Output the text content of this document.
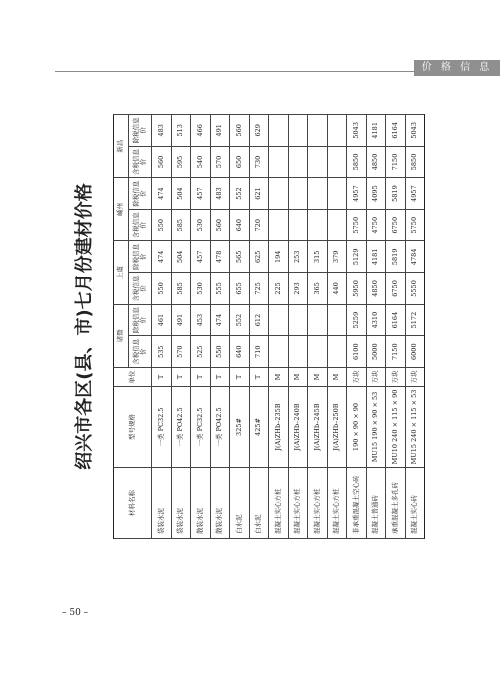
价 格 信 息
– 50 –
绍兴市各区(县、市)七月份建材价格
材料名称	型号规格	单位	诸暨		上虞		嵊州		新昌	
			含税信息价	除税信息价	含税信息价	除税信息价	含税信息价	除税信息价	含税信息价	除税信息价
袋装水泥	一类 PC32.5	T	535	461	550	474	550	474	560	483
袋装水泥	一类 PO42.5	T	570	491	585	504	585	504	595	513
散装水泥	一类 PC32.5	T	525	453	530	457	530	457	540	466
散装水泥	一类 PO42.5	T	550	474	555	478	560	483	570	491
白水泥	325#	T	640	552	655	565	640	552	650	560
白水泥	425#	T	710	612	725	625	720	621	730	629
混凝土实心方桩	J(A)ZHb–235B	M			225	194				
混凝土实心方桩	J(A)ZHb–240B	M			293	253				
混凝土实心方桩	J(A)ZHb–245B	M			365	315				
混凝土实心方桩	J(A)ZHb–250B	M			440	379				
非承重混凝土空心砖	190 × 90 × 90	万块	6100	5259	5950	5129	5750	4957	5850	5043
混凝土普通砖	MU15 190 × 90 × 53	万块	5000	4310	4850	4181	4750	4095	4850	4181
承重混凝土多孔砖	MU10 240 × 115 × 90	万块	7150	6164	6750	5819	6750	5819	7150	6164
混凝土实心砖	MU15 240 × 115 × 53	万块	6000	5172	5550	4784	5750	4957	5850	5043
